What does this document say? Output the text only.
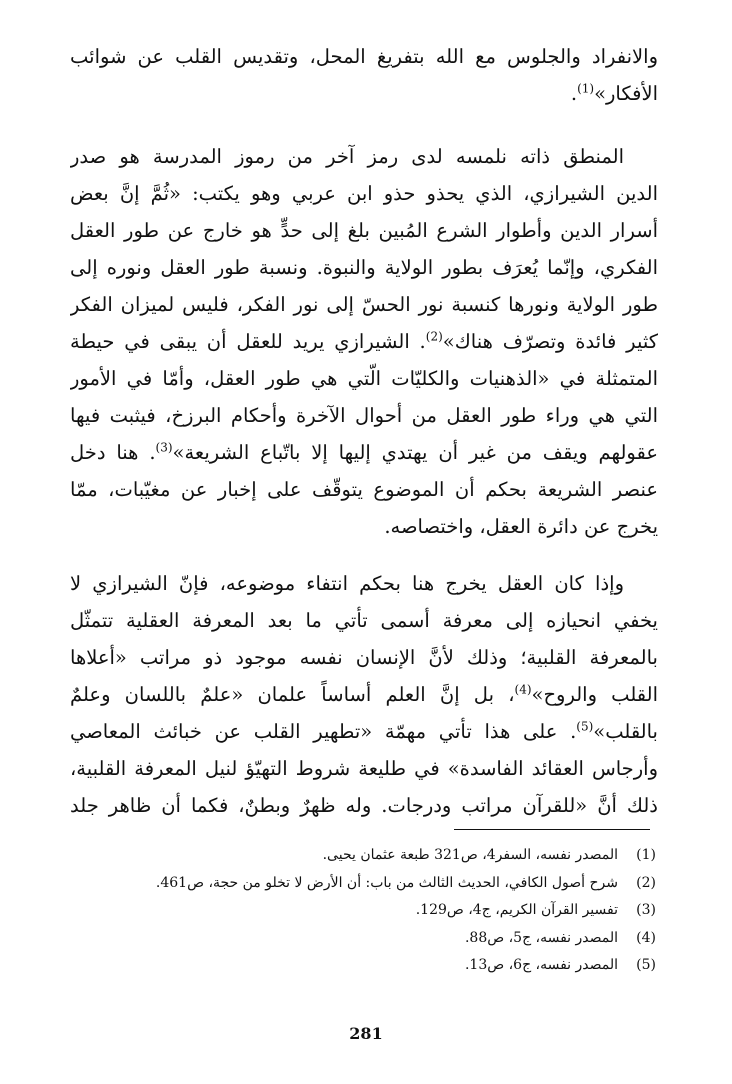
والانفراد والجلوس مع الله بتفريغ المحل، وتقديس القلب عن شوائب
الأفكار»$^{(1)}$.

المنطق ذاته نلمسه لدى رمز آخر من رموز المدرسة هو صدر
الدين الشيرازي، الذي يحذو حذو ابن عربي وهو يكتب: «ثُمَّ إنَّ بعض
أسرار الدين وأطوار الشرع المُبين بلغ إلى حدٍّ هو خارج عن طور العقل
الفكري، وإنّما يُعرَف بطور الولاية والنبوة. ونسبة طور العقل ونوره إلى
طور الولاية ونورها كنسبة نور الحسّ إلى نور الفكر، فليس لميزان الفكر
كثير فائدة وتصرّف هناك»$^{(2)}$. الشيرازي يريد للعقل أن يبقى في حيطة
المتمثلة في «الذهنيات والكليّات الّتي هي طور العقل، وأمّا في الأمور
التي هي وراء طور العقل من أحوال الآخرة وأحكام البرزخ، فيثبت فيها
عقولهم ويقف من غير أن يهتدي إليها إلا باتّباع الشريعة»$^{(3)}$. هنا دخل
عنصر الشريعة بحكم أن الموضوع يتوقّف على إخبار عن مغيّبات، ممّا
يخرج عن دائرة العقل، واختصاصه.

وإذا كان العقل يخرج هنا بحكم انتفاء موضوعه، فإنّ الشيرازي لا
يخفي انحيازه إلى معرفة أسمى تأتي ما بعد المعرفة العقلية تتمثّل
بالمعرفة القلبية؛ وذلك لأنَّ الإنسان نفسه موجود ذو مراتب «أعلاها
القلب والروح»$^{(4)}$، بل إنَّ العلم أساساً علمان «علمٌ باللسان وعلمٌ
بالقلب»$^{(5)}$. على هذا تأتي مهمّة «تطهير القلب عن خبائث المعاصي
وأرجاس العقائد الفاسدة» في طليعة شروط التهيّؤ لنيل المعرفة القلبية،
ذلك أنَّ «للقرآن مراتب ودرجات. وله ظهرٌ وبطنٌ، فكما أن ظاهر جلد

(1)
المصدر نفسه، السفر4، ص321 طبعة عثمان يحيى.
(2)
شرح أصول الكافي، الحديث الثالث من باب: أن الأرض لا تخلو من حجة، ص461.
(3)
تفسير القرآن الكريم، ج4، ص129.
(4)
المصدر نفسه، ج5، ص88.
(5)
المصدر نفسه، ج6، ص13.
281
